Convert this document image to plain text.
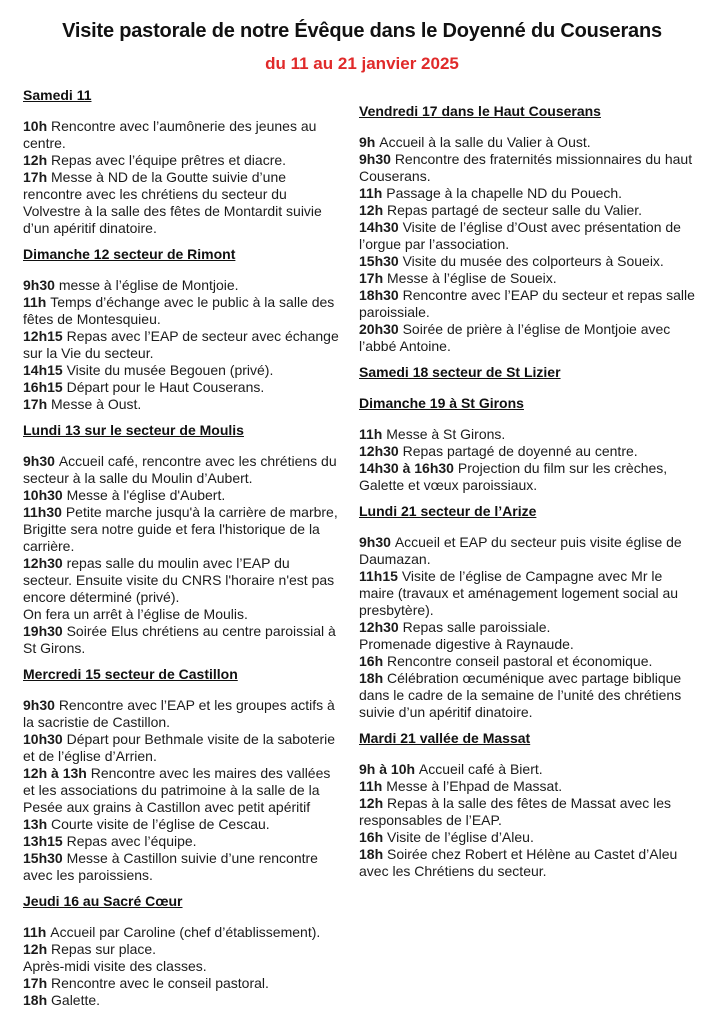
Visite pastorale de notre Évêque dans le Doyenné du Couserans
du 11 au 21 janvier 2025
Samedi 11

10h Rencontre avec l’aumônerie des jeunes au centre.

12h Repas avec l’équipe prêtres et diacre.

17h Messe à ND de la Goutte suivie d’une rencontre avec les chrétiens du secteur du Volvestre à la salle des fêtes de Montardit suivie d’un apéritif dinatoire.

Dimanche 12 secteur de Rimont

9h30 messe à l’église de Montjoie.

11h Temps d’échange avec le public à la salle des fêtes de Montesquieu.

12h15 Repas avec l’EAP de secteur avec échange sur la Vie du secteur.

14h15 Visite du musée Begouen (privé).

16h15 Départ pour le Haut Couserans.

17h Messe à Oust.

Lundi 13 sur le secteur de Moulis

9h30 Accueil café, rencontre avec les chrétiens du secteur à la salle du Moulin d’Aubert.

10h30 Messe à l'église d'Aubert.

11h30 Petite marche jusqu'à la carrière de marbre, Brigitte sera notre guide et fera l'historique de la carrière.

12h30 repas salle du moulin avec l’EAP du secteur. Ensuite visite du CNRS l'horaire n'est pas encore déterminé (privé).

On fera un arrêt à l’église de Moulis.

19h30 Soirée Elus chrétiens au centre paroissial à St Girons.

Mercredi 15 secteur de Castillon

9h30 Rencontre avec l’EAP et les groupes actifs à la sacristie de Castillon.

10h30 Départ pour Bethmale visite de la saboterie et de l’église d’Arrien.

12h à 13h Rencontre avec les maires des vallées et les associations du patrimoine à la salle de la Pesée aux grains à Castillon avec petit apéritif

13h Courte visite de l’église de Cescau.

13h15 Repas avec l’équipe.

15h30 Messe à Castillon suivie d’une rencontre avec les paroissiens.

Jeudi 16 au Sacré Cœur

11h Accueil par Caroline (chef d’établissement).

12h Repas sur place.

Après-midi visite des classes.

17h Rencontre avec le conseil pastoral.

18h Galette.

Vendredi 17 dans le Haut Couserans

9h Accueil à la salle du Valier à Oust.

9h30 Rencontre des fraternités missionnaires du haut Couserans.

11h Passage à la chapelle ND du Pouech.

12h Repas partagé de secteur salle du Valier.

14h30 Visite de l’église d’Oust avec présentation de l’orgue par l’association.

15h30 Visite du musée des colporteurs à Soueix.

17h Messe à l’église de Soueix.

18h30 Rencontre avec l’EAP du secteur et repas salle paroissiale.

20h30 Soirée de prière à l’église de Montjoie avec l’abbé Antoine.

Samedi 18 secteur de St Lizier
Dimanche 19 à St Girons

11h Messe à St Girons.

12h30 Repas partagé de doyenné au centre.

14h30 à 16h30 Projection du film sur les crèches, Galette et vœux paroissiaux.

Lundi 21 secteur de l’Arize

9h30 Accueil et EAP du secteur puis visite église de Daumazan.

11h15 Visite de l’église de Campagne avec Mr le maire (travaux et aménagement logement social au presbytère).

12h30 Repas salle paroissiale.

Promenade digestive à Raynaude.

16h Rencontre conseil pastoral et économique.

18h Célébration œcuménique avec partage biblique dans le cadre de la semaine de l’unité des chrétiens suivie d’un apéritif dinatoire.

Mardi 21 vallée de Massat

9h à 10h Accueil café à Biert.

11h Messe à l’Ehpad de Massat.

12h Repas à la salle des fêtes de Massat avec les responsables de l’EAP.

16h Visite de l’église d’Aleu.

18h Soirée chez Robert et Hélène au Castet d’Aleu avec les Chrétiens du secteur.
